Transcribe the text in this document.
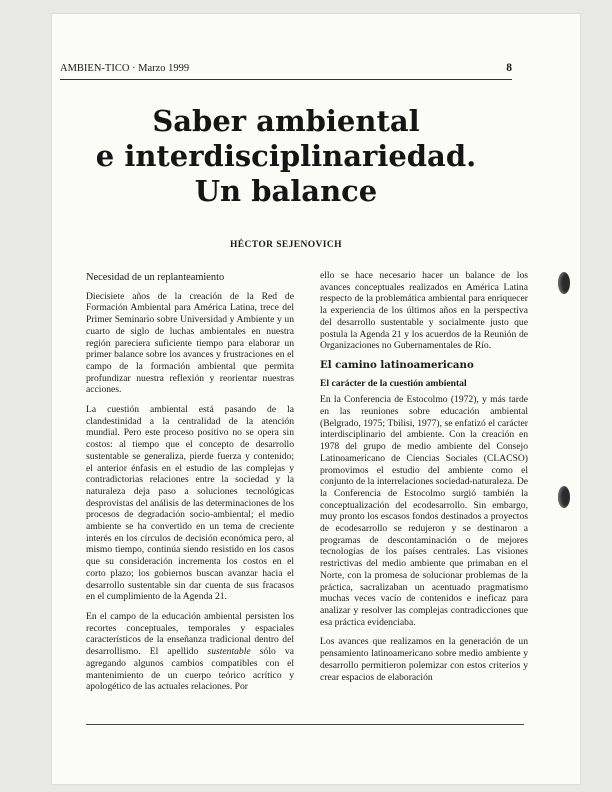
AMBIEN-TICO · Marzo 1999	8
Saber ambiental
e interdisciplinariedad.
Un balance
HÉCTOR SEJENOVICH
Necesidad de un replanteamiento

Diecisiete años de la creación de la Red de Formación Ambiental para América Latina, trece del Primer Seminario sobre Universidad y Ambiente y un cuarto de siglo de luchas ambientales en nuestra región pareciera suficiente tiempo para elaborar un primer balance sobre los avances y frustraciones en el campo de la formación ambiental que permita profundizar nuestra reflexión y reorientar nuestras acciones.

La cuestión ambiental está pasando de la clandestinidad a la centralidad de la atención mundial. Pero este proceso positivo no se opera sin costos: al tiempo que el concepto de desarrollo sustentable se generaliza, pierde fuerza y contenido; el anterior énfasis en el estudio de las complejas y contradictorias relaciones entre la sociedad y la naturaleza deja paso a soluciones tecnológicas desprovistas del análisis de las determinaciones de los procesos de degradación socio-ambiental; el medio ambiente se ha convertido en un tema de creciente interés en los círculos de decisión económica pero, al mismo tiempo, continúa siendo resistido en los casos que su consideración incrementa los costos en el corto plazo; los gobiernos buscan avanzar hacia el desarrollo sustentable sin dar cuenta de sus fracasos en el cumplimiento de la Agenda 21.

En el campo de la educación ambiental persisten los recortes conceptuales, temporales y espaciales característicos de la enseñanza tradicional dentro del desarrollismo. El apellido sustentable sólo va agregando algunos cambios compatibles con el mantenimiento de un cuerpo teórico acrítico y apologético de las actuales relaciones. Por

ello se hace necesario hacer un balance de los avances conceptuales realizados en América Latina respecto de la problemática ambiental para enriquecer la experiencia de los últimos años en la perspectiva del desarrollo sustentable y socialmente justo que postula la Agenda 21 y los acuerdos de la Reunión de Organizaciones no Gubernamentales de Río.

El camino latinoamericano
El carácter de la cuestión ambiental

En la Conferencia de Estocolmo (1972), y más tarde en las reuniones sobre educación ambiental (Belgrado, 1975; Tbilisi, 1977), se enfatizó el carácter interdisciplinario del ambiente. Con la creación en 1978 del grupo de medio ambiente del Consejo Latinoamericano de Ciencias Sociales (CLACSO) promovimos el estudio del ambiente como el conjunto de la interrelaciones sociedad-naturaleza. De la Conferencia de Estocolmo surgió también la conceptualización del ecodesarrollo. Sin embargo, muy pronto los escasos fondos destinados a proyectos de ecodesarrollo se redujeron y se destinaron a programas de descontaminación o de mejores tecnologías de los países centrales. Las visiones restrictivas del medio ambiente que primaban en el Norte, con la promesa de solucionar problemas de la práctica, sacralizaban un acentuado pragmatismo muchas veces vacío de contenidos e ineficaz para analizar y resolver las complejas contradicciones que esa práctica evidenciaba.

Los avances que realizamos en la generación de un pensamiento latinoamericano sobre medio ambiente y desarrollo permitieron polemizar con estos criterios y crear espacios de elaboración
